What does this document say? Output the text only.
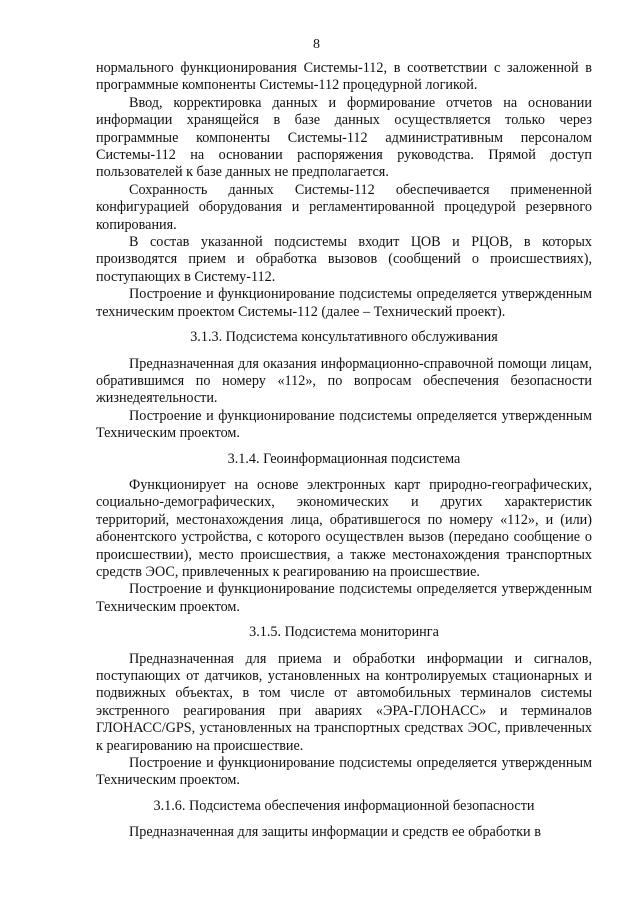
8

нормального функционирования Системы-112, в соответствии с заложенной в программные компоненты Системы-112 процедурной логикой.

Ввод, корректировка данных и формирование отчетов на основании информации хранящейся в базе данных осуществляется только через программные компоненты Системы-112 административным персоналом Системы-112 на основании распоряжения руководства. Прямой доступ пользователей к базе данных не предполагается.

Сохранность данных Системы-112 обеспечивается примененной конфигурацией оборудования и регламентированной процедурой резервного копирования.

В состав указанной подсистемы входит ЦОВ и РЦОВ, в которых производятся прием и обработка вызовов (сообщений о происшествиях), поступающих в Систему-112.

Построение и функционирование подсистемы определяется утвержденным техническим проектом Системы-112 (далее – Технический проект).

3.1.3. Подсистема консультативного обслуживания

Предназначенная для оказания информационно-справочной помощи лицам, обратившимся по номеру «112», по вопросам обеспечения безопасности жизнедеятельности.

Построение и функционирование подсистемы определяется утвержденным Техническим проектом.

3.1.4. Геоинформационная подсистема

Функционирует на основе электронных карт природно-географических, социально-демографических, экономических и других характеристик территорий, местонахождения лица, обратившегося по номеру «112», и (или) абонентского устройства, с которого осуществлен вызов (передано сообщение о происшествии), место происшествия, а также местонахождения транспортных средств ЭОС, привлеченных к реагированию на происшествие.

Построение и функционирование подсистемы определяется утвержденным Техническим проектом.

3.1.5. Подсистема мониторинга

Предназначенная для приема и обработки информации и сигналов, поступающих от датчиков, установленных на контролируемых стационарных и подвижных объектах, в том числе от автомобильных терминалов системы экстренного реагирования при авариях «ЭРА-ГЛОНАСС» и терминалов ГЛОНАСС/GPS, установленных на транспортных средствах ЭОС, привлеченных к реагированию на происшествие.

Построение и функционирование подсистемы определяется утвержденным Техническим проектом.

3.1.6. Подсистема обеспечения информационной безопасности

Предназначенная для защиты информации и средств ее обработки в
